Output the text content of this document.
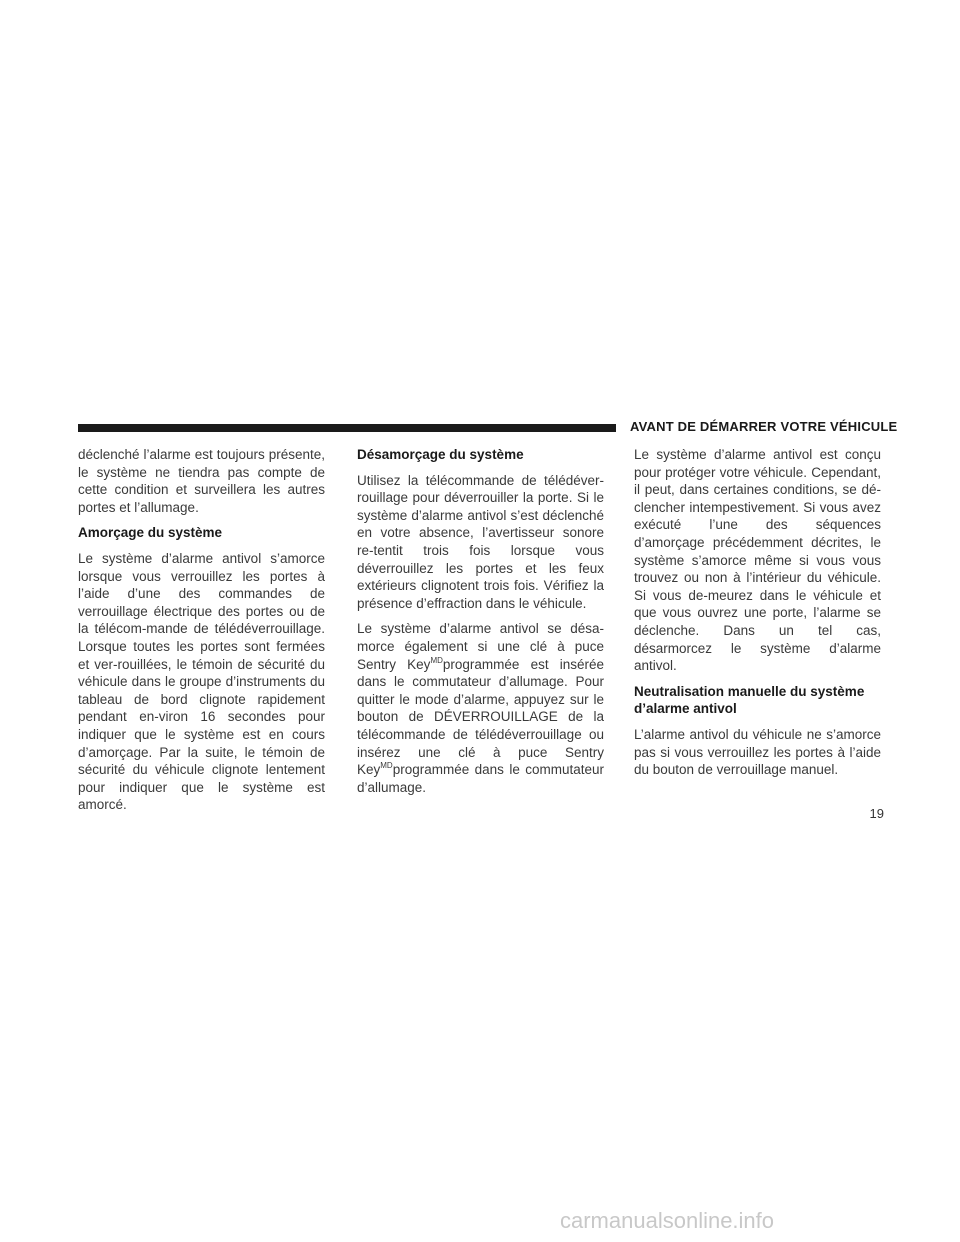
AVANT DE DÉMARRER VOTRE VÉHICULE

déclenché l’alarme est toujours présente, le système ne tiendra pas compte de cette condition et surveillera les autres portes et l’allumage.

Amorçage du système

Le système d’alarme antivol s’amorce lorsque vous verrouillez les portes à l’aide d’une des commandes de verrouillage électrique des portes ou de la télécom-mande de télédéverrouillage. Lorsque toutes les portes sont fermées et ver-rouillées, le témoin de sécurité du véhicule dans le groupe d’instruments du tableau de bord clignote rapidement pendant en-viron 16 secondes pour indiquer que le système est en cours d’amorçage. Par la suite, le témoin de sécurité du véhicule clignote lentement pour indiquer que le système est amorcé.

Désamorçage du système

Utilisez la télécommande de télédéver-rouillage pour déverrouiller la porte. Si le système d’alarme antivol s’est déclenché en votre absence, l’avertisseur sonore re-tentit trois fois lorsque vous déverrouillez les portes et les feux extérieurs clignotent trois fois. Vérifiez la présence d’effraction dans le véhicule.

Le système d’alarme antivol se désa-morce également si une clé à puce Sentry Key$^{MD}$programmée est insérée dans le commutateur d’allumage. Pour quitter le mode d’alarme, appuyez sur le bouton de DÉVERROUILLAGE de la télécommande de télédéverrouillage ou insérez une clé à puce Sentry Key$^{MD}$programmée dans le commutateur d’allumage.

Le système d’alarme antivol est conçu pour protéger votre véhicule. Cependant, il peut, dans certaines conditions, se dé-clencher intempestivement. Si vous avez exécuté l’une des séquences d’amorçage précédemment décrites, le système s’amorce même si vous vous trouvez ou non à l’intérieur du véhicule. Si vous de-meurez dans le véhicule et que vous ouvrez une porte, l’alarme se déclenche. Dans un tel cas, désarmorcez le système d’alarme antivol.

Neutralisation manuelle du système d’alarme antivol

L’alarme antivol du véhicule ne s’amorce pas si vous verrouillez les portes à l’aide du bouton de verrouillage manuel.

19
carmanualsonline.info
